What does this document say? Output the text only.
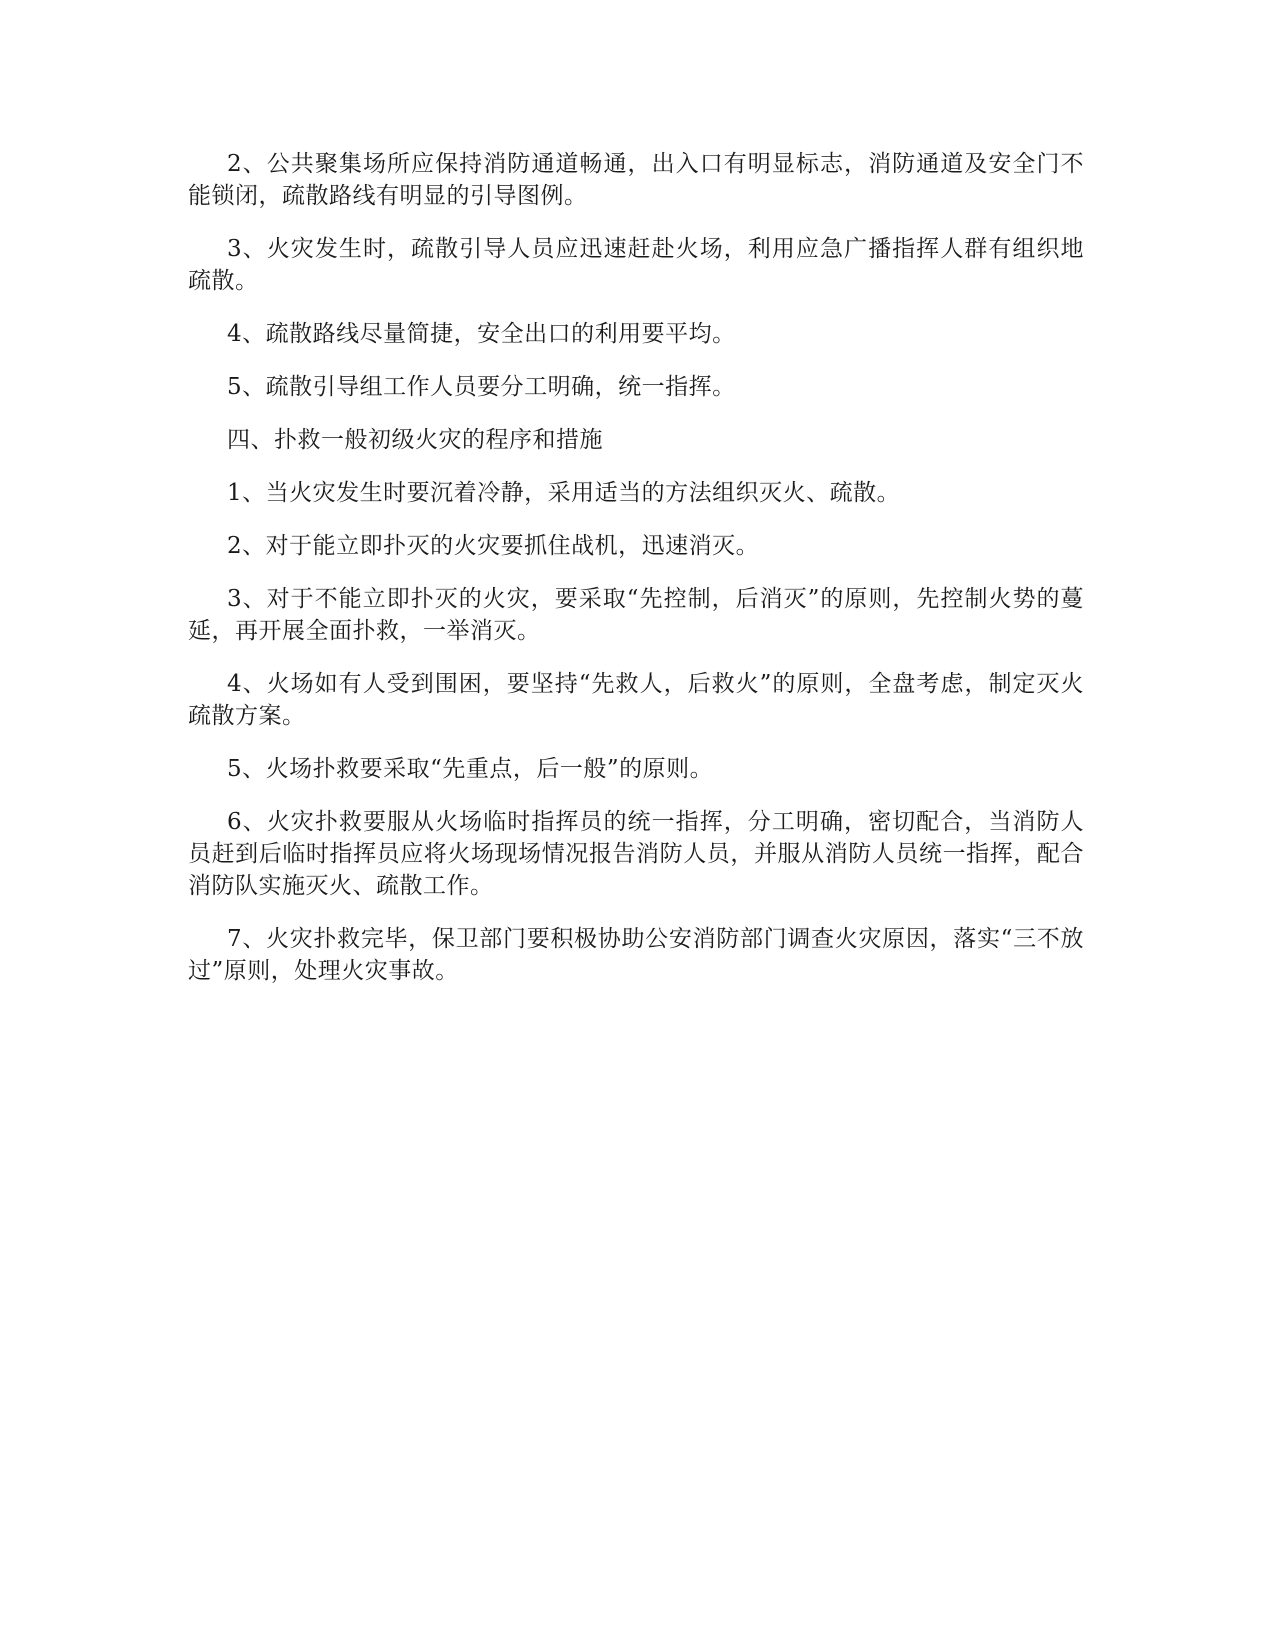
2、公共聚集场所应保持消防通道畅通，出入口有明显标志，消防通道及安全门不能锁闭，疏散路线有明显的引导图例。

3、火灾发生时，疏散引导人员应迅速赶赴火场，利用应急广播指挥人群有组织地疏散。

4、疏散路线尽量简捷，安全出口的利用要平均。

5、疏散引导组工作人员要分工明确，统一指挥。

四、扑救一般初级火灾的程序和措施

1、当火灾发生时要沉着冷静，采用适当的方法组织灭火、疏散。

2、对于能立即扑灭的火灾要抓住战机，迅速消灭。

3、对于不能立即扑灭的火灾，要采取“先控制，后消灭”的原则，先控制火势的蔓延，再开展全面扑救，一举消灭。

4、火场如有人受到围困，要坚持“先救人，后救火”的原则，全盘考虑，制定灭火疏散方案。

5、火场扑救要采取“先重点，后一般”的原则。

6、火灾扑救要服从火场临时指挥员的统一指挥，分工明确，密切配合，当消防人员赶到后临时指挥员应将火场现场情况报告消防人员，并服从消防人员统一指挥，配合消防队实施灭火、疏散工作。

7、火灾扑救完毕，保卫部门要积极协助公安消防部门调查火灾原因，落实“三不放过”原则，处理火灾事故。
